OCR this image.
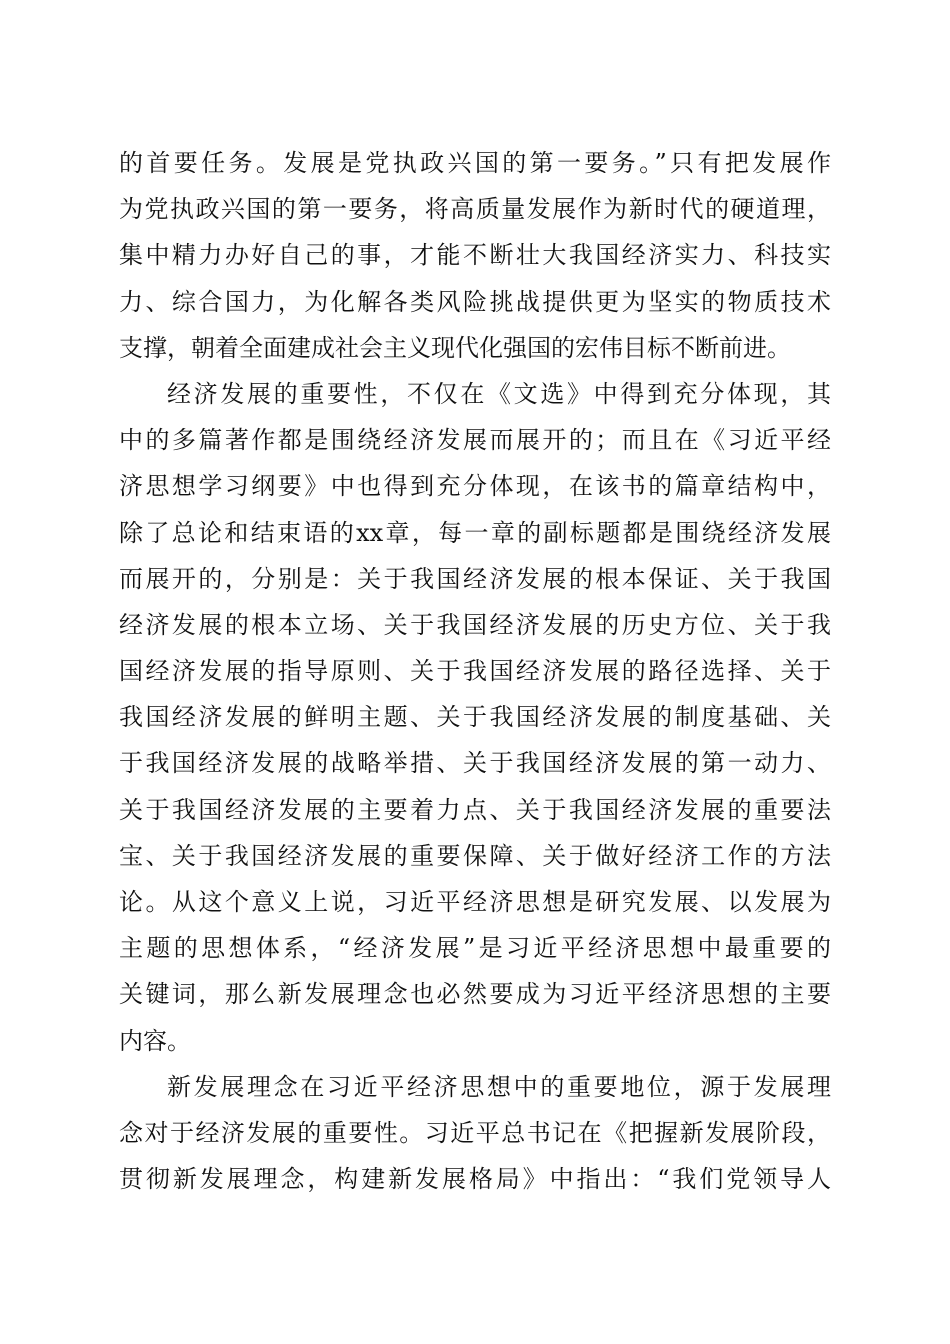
的首要任务。发展是党执政兴国的第一要务。”只有把发展作
为党执政兴国的第一要务，将高质量发展作为新时代的硬道理，
集中精力办好自己的事，才能不断壮大我国经济实力、科技实
力、综合国力，为化解各类风险挑战提供更为坚实的物质技术
支撑，朝着全面建成社会主义现代化强国的宏伟目标不断前进。
经济发展的重要性，不仅在《文选》中得到充分体现，其
中的多篇著作都是围绕经济发展而展开的；而且在《习近平经
济思想学习纲要》中也得到充分体现，在该书的篇章结构中，
除了总论和结束语的xx章，每一章的副标题都是围绕经济发展
而展开的，分别是：关于我国经济发展的根本保证、关于我国
经济发展的根本立场、关于我国经济发展的历史方位、关于我
国经济发展的指导原则、关于我国经济发展的路径选择、关于
我国经济发展的鲜明主题、关于我国经济发展的制度基础、关
于我国经济发展的战略举措、关于我国经济发展的第一动力、
关于我国经济发展的主要着力点、关于我国经济发展的重要法
宝、关于我国经济发展的重要保障、关于做好经济工作的方法
论。从这个意义上说，习近平经济思想是研究发展、以发展为
主题的思想体系，“经济发展”是习近平经济思想中最重要的
关键词，那么新发展理念也必然要成为习近平经济思想的主要
内容。
新发展理念在习近平经济思想中的重要地位，源于发展理
念对于经济发展的重要性。习近平总书记在《把握新发展阶段，
贯彻新发展理念，构建新发展格局》中指出：“我们党领导人
